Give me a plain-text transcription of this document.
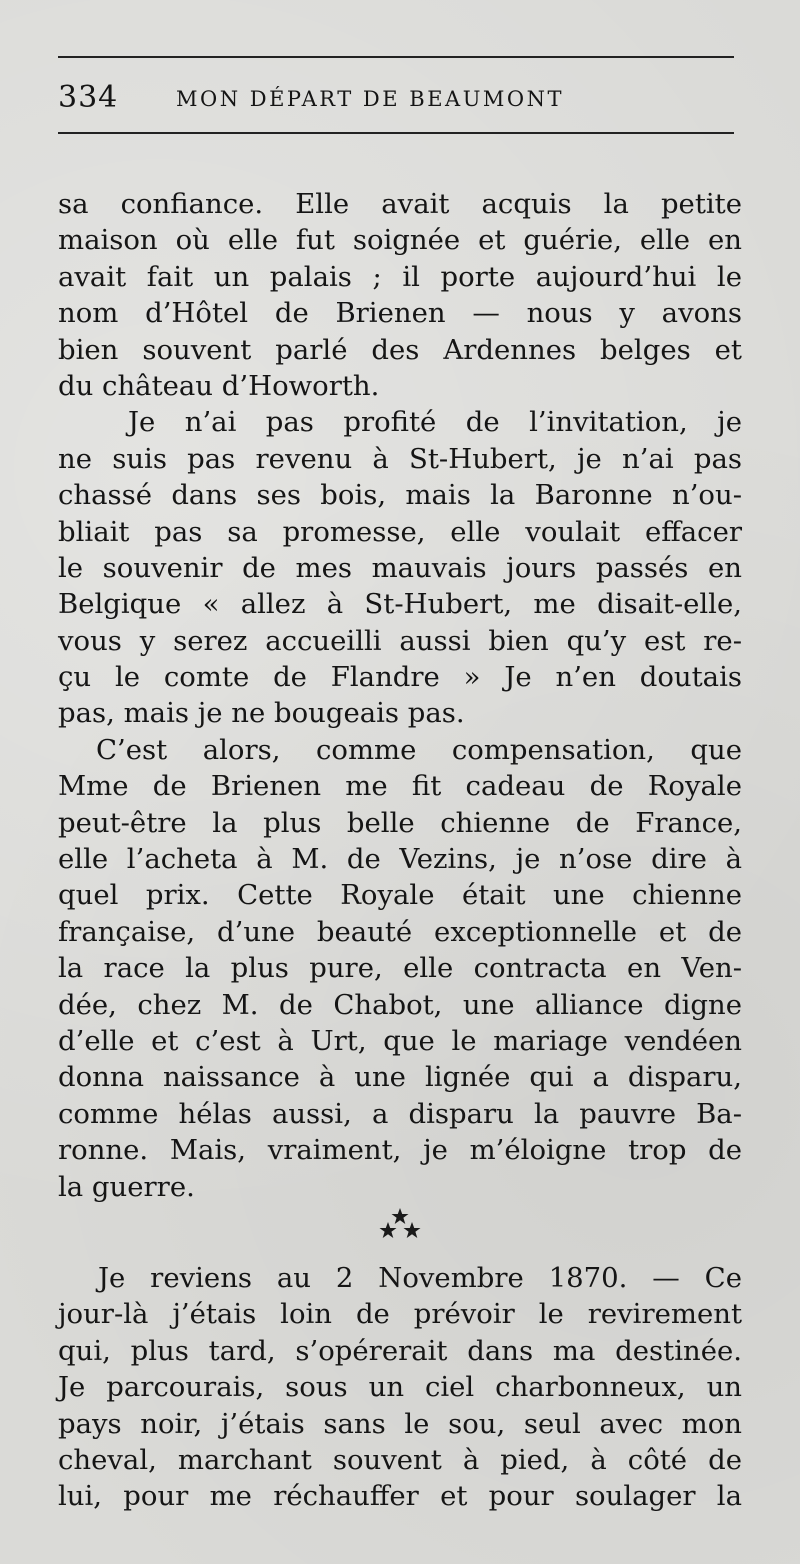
334	MON DÉPART DE BEAUMONT
sa confiance. Elle avait acquis la petite
maison où elle fut soignée et guérie, elle en
avait fait un palais ; il porte aujourd’hui le
nom d’Hôtel de Brienen — nous y avons
bien souvent parlé des Ardennes belges et
du château d’Howorth.
Je n’ai pas profité de l’invitation, je
ne suis pas revenu à St-Hubert, je n’ai pas
chassé dans ses bois, mais la Baronne n’ou-
bliait pas sa promesse, elle voulait effacer
le souvenir de mes mauvais jours passés en
Belgique « allez à St-Hubert, me disait-elle,
vous y serez accueilli aussi bien qu’y est re-
çu le comte de Flandre » Je n’en doutais
pas, mais je ne bougeais pas.
C’est alors, comme compensation, que
Mme de Brienen me fit cadeau de Royale
peut-être la plus belle chienne de France,
elle l’acheta à M. de Vezins, je n’ose dire à
quel prix. Cette Royale était une chienne
française, d’une beauté exceptionnelle et de
la race la plus pure, elle contracta en Ven-
dée, chez M. de Chabot, une alliance digne
d’elle et c’est à Urt, que le mariage vendéen
donna naissance à une lignée qui a disparu,
comme hélas aussi, a disparu la pauvre Ba-
ronne. Mais, vraiment, je m’éloigne trop de
la guerre.
Je reviens au 2 Novembre 1870. — Ce
jour-là j’étais loin de prévoir le revirement
qui, plus tard, s’opérerait dans ma destinée.
Je parcourais, sous un ciel charbonneux, un
pays noir, j’étais sans le sou, seul avec mon
cheval, marchant souvent à pied, à côté de
lui, pour me réchauffer et pour soulager la
